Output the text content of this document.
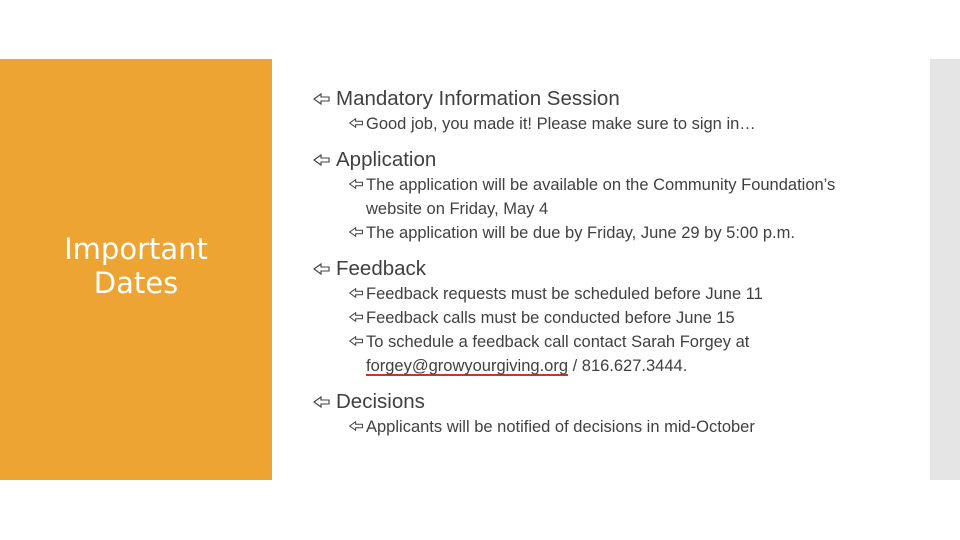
Important
Dates
Mandatory Information Session
Good job, you made it! Please make sure to sign in…
Application
The application will be available on the Community Foundation’s website on Friday, May 4
The application will be due by Friday, June 29 by 5:00 p.m.
Feedback
Feedback requests must be scheduled before June 11
Feedback calls must be conducted before June 15
To schedule a feedback call contact Sarah Forgey at
forgey@growyourgiving.org / 816.627.3444.
Decisions
Applicants will be notified of decisions in mid-October
